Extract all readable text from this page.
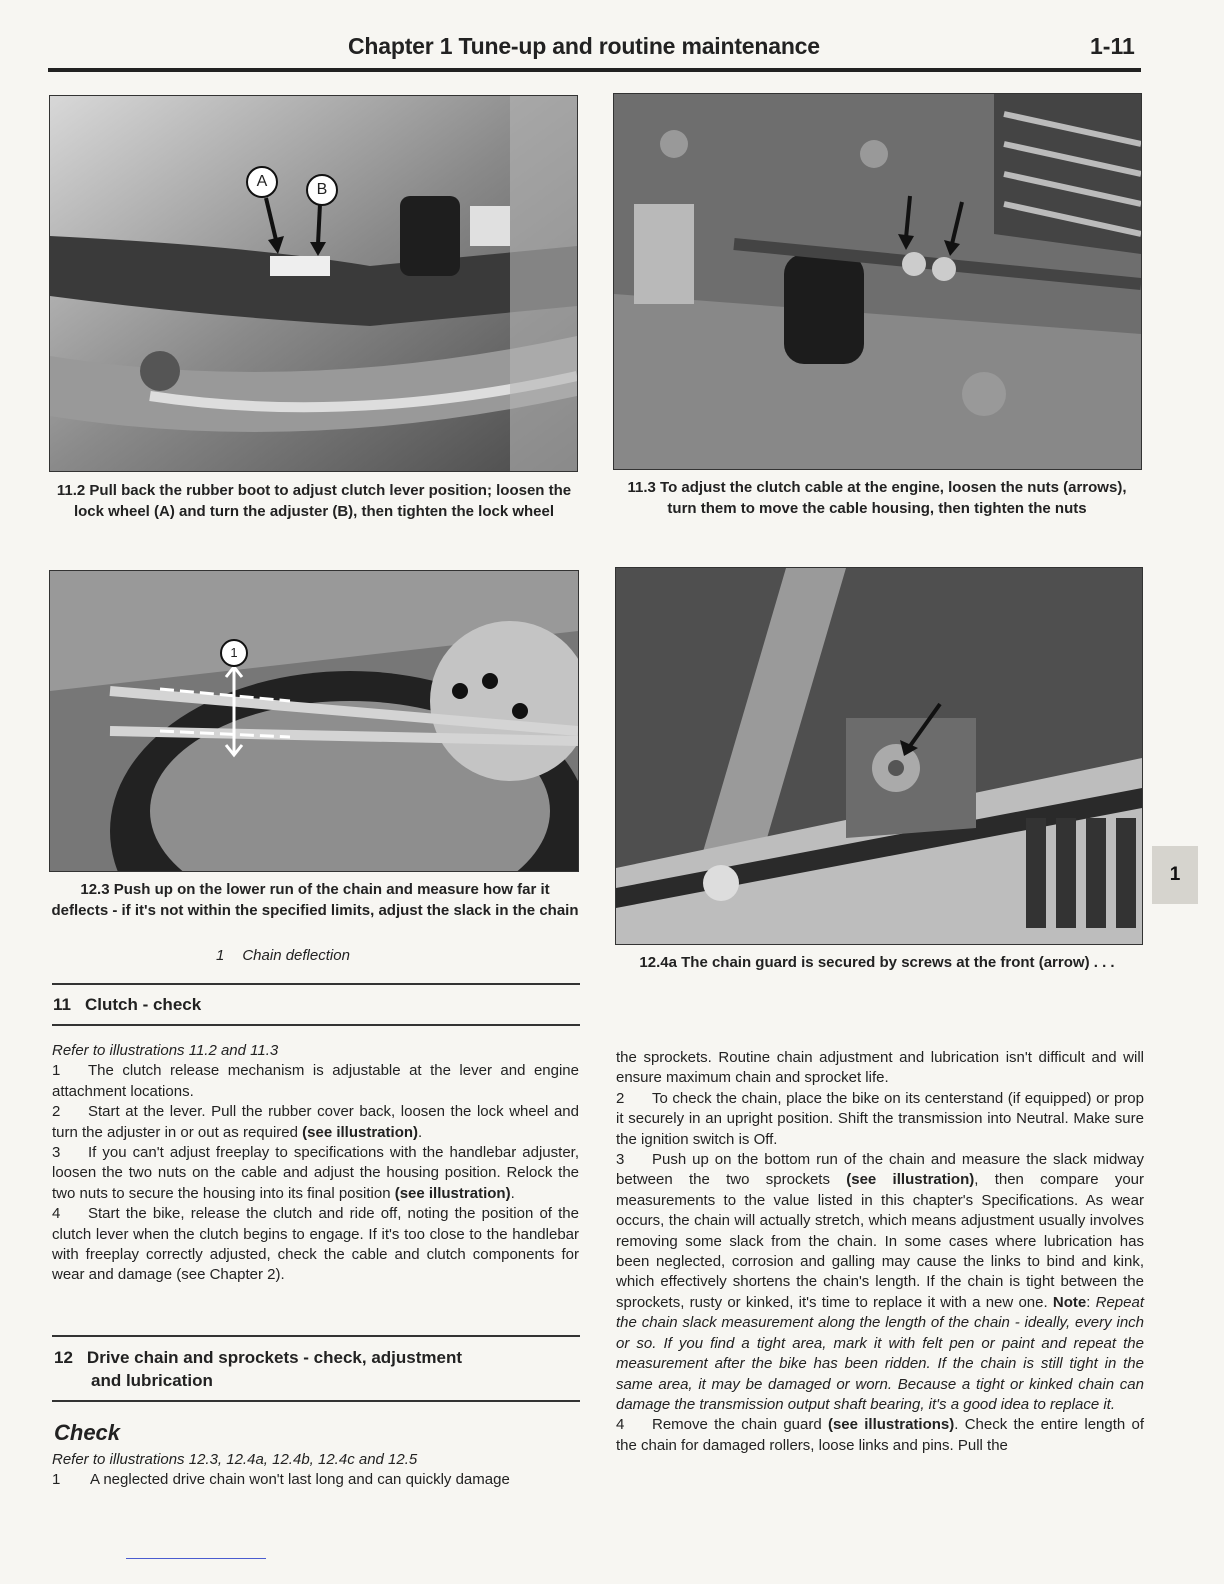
Chapter 1 Tune-up and routine maintenance	1-11
A	B
11.2 Pull back the rubber boot to adjust clutch lever position; loosen the lock wheel (A) and turn the adjuster (B), then tighten the lock wheel
11.3 To adjust the clutch cable at the engine, loosen the nuts (arrows), turn them to move the cable housing, then tighten the nuts
1
12.3 Push up on the lower run of the chain and measure how far it deflects - if it's not within the specified limits, adjust the slack in the chain
1 Chain deflection	12.4a The chain guard is secured by screws at the front (arrow) . . .
11 Clutch - check

Refer to illustrations 11.2 and 11.3

1 The clutch release mechanism is adjustable at the lever and engine attachment locations.

2 Start at the lever. Pull the rubber cover back, loosen the lock wheel and turn the adjuster in or out as required (see illustration).

3 If you can't adjust freeplay to specifications with the handlebar adjuster, loosen the two nuts on the cable and adjust the housing position. Relock the two nuts to secure the housing into its final position (see illustration).

4 Start the bike, release the clutch and ride off, noting the position of the clutch lever when the clutch begins to engage. If it's too close to the handlebar with freeplay correctly adjusted, check the cable and clutch components for wear and damage (see Chapter 2).

12 Drive chain and sprockets - check, adjustment
and lubrication
Check

Refer to illustrations 12.3, 12.4a, 12.4b, 12.4c and 12.5

1 A neglected drive chain won't last long and can quickly damage

the sprockets. Routine chain adjustment and lubrication isn't difficult and will ensure maximum chain and sprocket life.

2 To check the chain, place the bike on its centerstand (if equipped) or prop it securely in an upright position. Shift the transmission into Neutral. Make sure the ignition switch is Off.

3 Push up on the bottom run of the chain and measure the slack midway between the two sprockets (see illustration), then compare your measurements to the value listed in this chapter's Specifications. As wear occurs, the chain will actually stretch, which means adjustment usually involves removing some slack from the chain. In some cases where lubrication has been neglected, corrosion and galling may cause the links to bind and kink, which effectively shortens the chain's length. If the chain is tight between the sprockets, rusty or kinked, it's time to replace it with a new one. Note: Repeat the chain slack measurement along the length of the chain - ideally, every inch or so. If you find a tight area, mark it with felt pen or paint and repeat the measurement after the bike has been ridden. If the chain is still tight in the same area, it may be damaged or worn. Because a tight or kinked chain can damage the transmission output shaft bearing, it's a good idea to replace it.

4 Remove the chain guard (see illustrations). Check the entire length of the chain for damaged rollers, loose links and pins. Pull the

1
